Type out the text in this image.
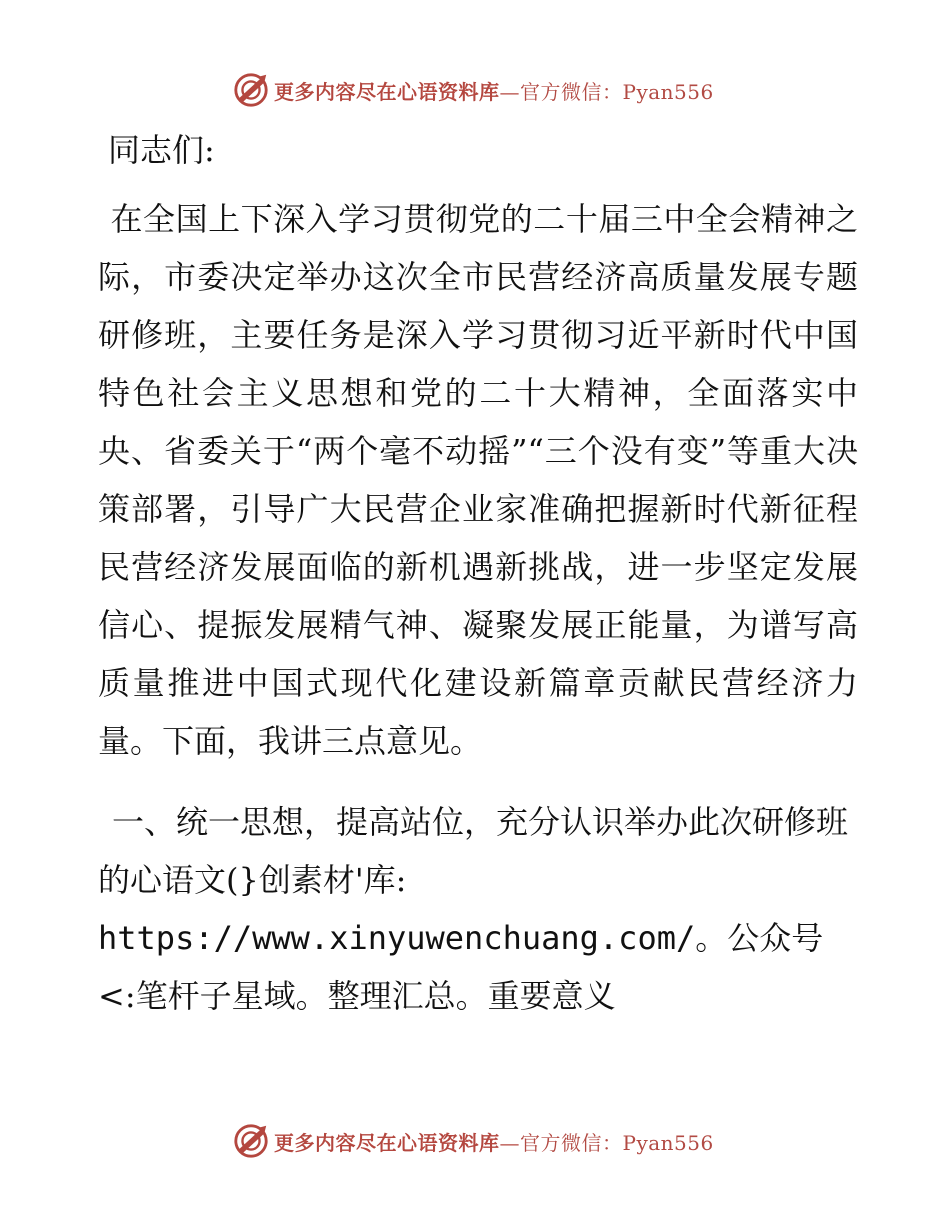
更多内容尽在心语资料库—官方微信：Pyan556
同志们:
在全国上下深入学习贯彻党的二十届三中全会精神之际，市委决定举办这次全市民营经济高质量发展专题研修班，主要任务是深入学习贯彻习近平新时代中国特色社会主义思想和党的二十大精神，全面落实中央、省委关于“两个毫不动摇”“三个没有变”等重大决策部署，引导广大民营企业家准确把握新时代新征程民营经济发展面临的新机遇新挑战，进一步坚定发展信心、提振发展精气神、凝聚发展正能量，为谱写高质量推进中国式现代化建设新篇章贡献民营经济力量。下面，我讲三点意见。
一、统一思想，提高站位，充分认识举办此次研修班的心语文(}创素材'库: https://www.xinyuwenchuang.com/。公众号<:笔杆子星域。整理汇总。重要意义
更多内容尽在心语资料库—官方微信：Pyan556
